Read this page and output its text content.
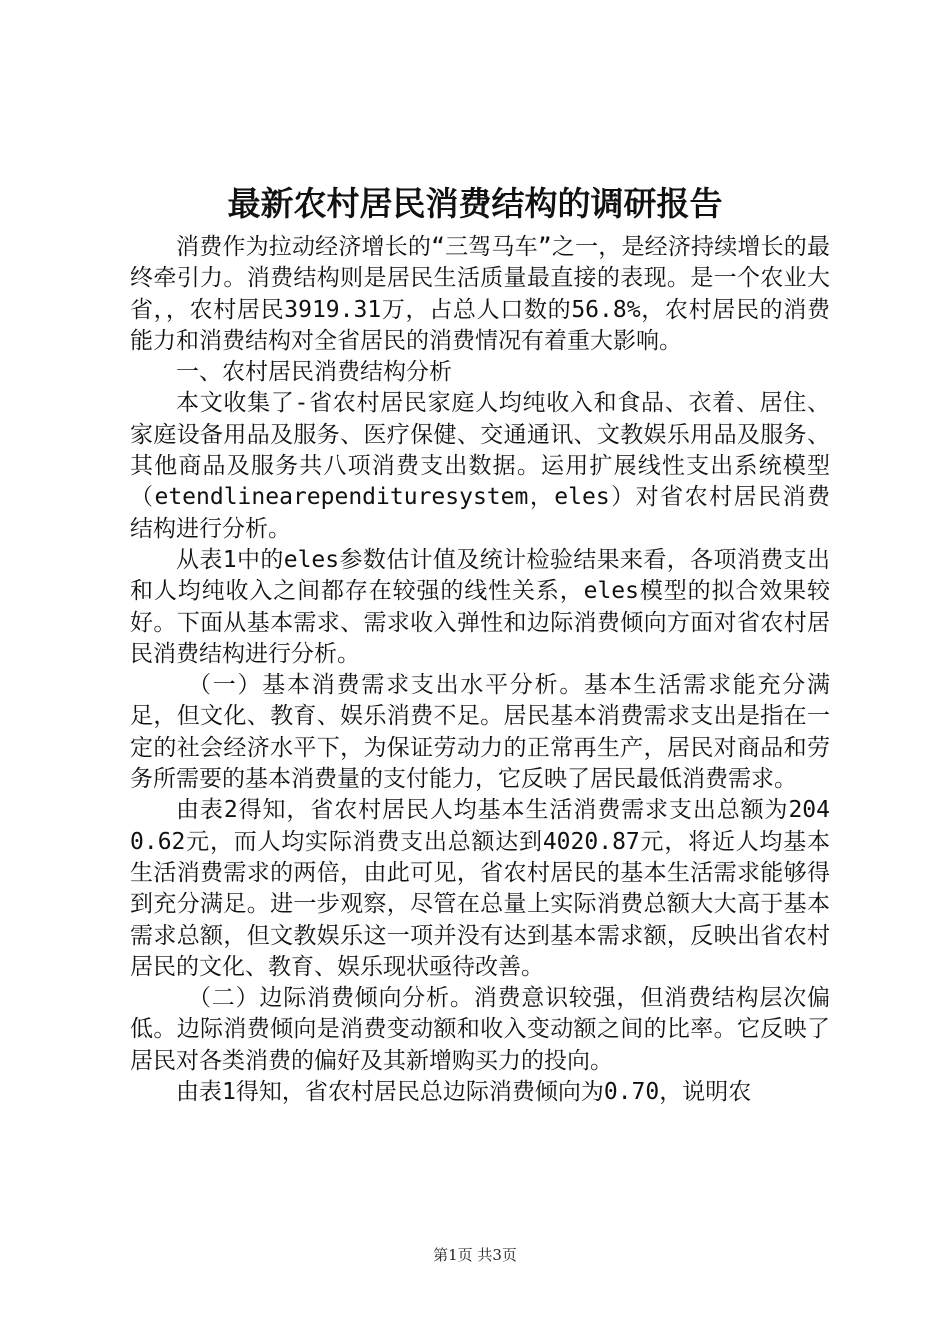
最新农村居民消费结构的调研报告

消费作为拉动经济增长的“三驾马车”之一，是经济持续增长的最终牵引力。消费结构则是居民生活质量最直接的表现。是一个农业大省，，农村居民3919.31万，占总人口数的56.8%，农村居民的消费能力和消费结构对全省居民的消费情况有着重大影响。

一、农村居民消费结构分析

本文收集了-省农村居民家庭人均纯收入和食品、衣着、居住、家庭设备用品及服务、医疗保健、交通通讯、文教娱乐用品及服务、其他商品及服务共八项消费支出数据。运用扩展线性支出系统模型（etendlinearependituresystem，eles）对省农村居民消费结构进行分析。

从表1中的eles参数估计值及统计检验结果来看，各项消费支出和人均纯收入之间都存在较强的线性关系，eles模型的拟合效果较好。下面从基本需求、需求收入弹性和边际消费倾向方面对省农村居民消费结构进行分析。

（一）基本消费需求支出水平分析。基本生活需求能充分满足，但文化、教育、娱乐消费不足。居民基本消费需求支出是指在一定的社会经济水平下，为保证劳动力的正常再生产，居民对商品和劳务所需要的基本消费量的支付能力，它反映了居民最低消费需求。

由表2得知，省农村居民人均基本生活消费需求支出总额为2040.62元，而人均实际消费支出总额达到4020.87元，将近人均基本生活消费需求的两倍，由此可见，省农村居民的基本生活需求能够得到充分满足。进一步观察，尽管在总量上实际消费总额大大高于基本需求总额，但文教娱乐这一项并没有达到基本需求额，反映出省农村居民的文化、教育、娱乐现状亟待改善。

（二）边际消费倾向分析。消费意识较强，但消费结构层次偏低。边际消费倾向是消费变动额和收入变动额之间的比率。它反映了居民对各类消费的偏好及其新增购买力的投向。

由表1得知，省农村居民总边际消费倾向为0.70，说明农

第1页 共3页
